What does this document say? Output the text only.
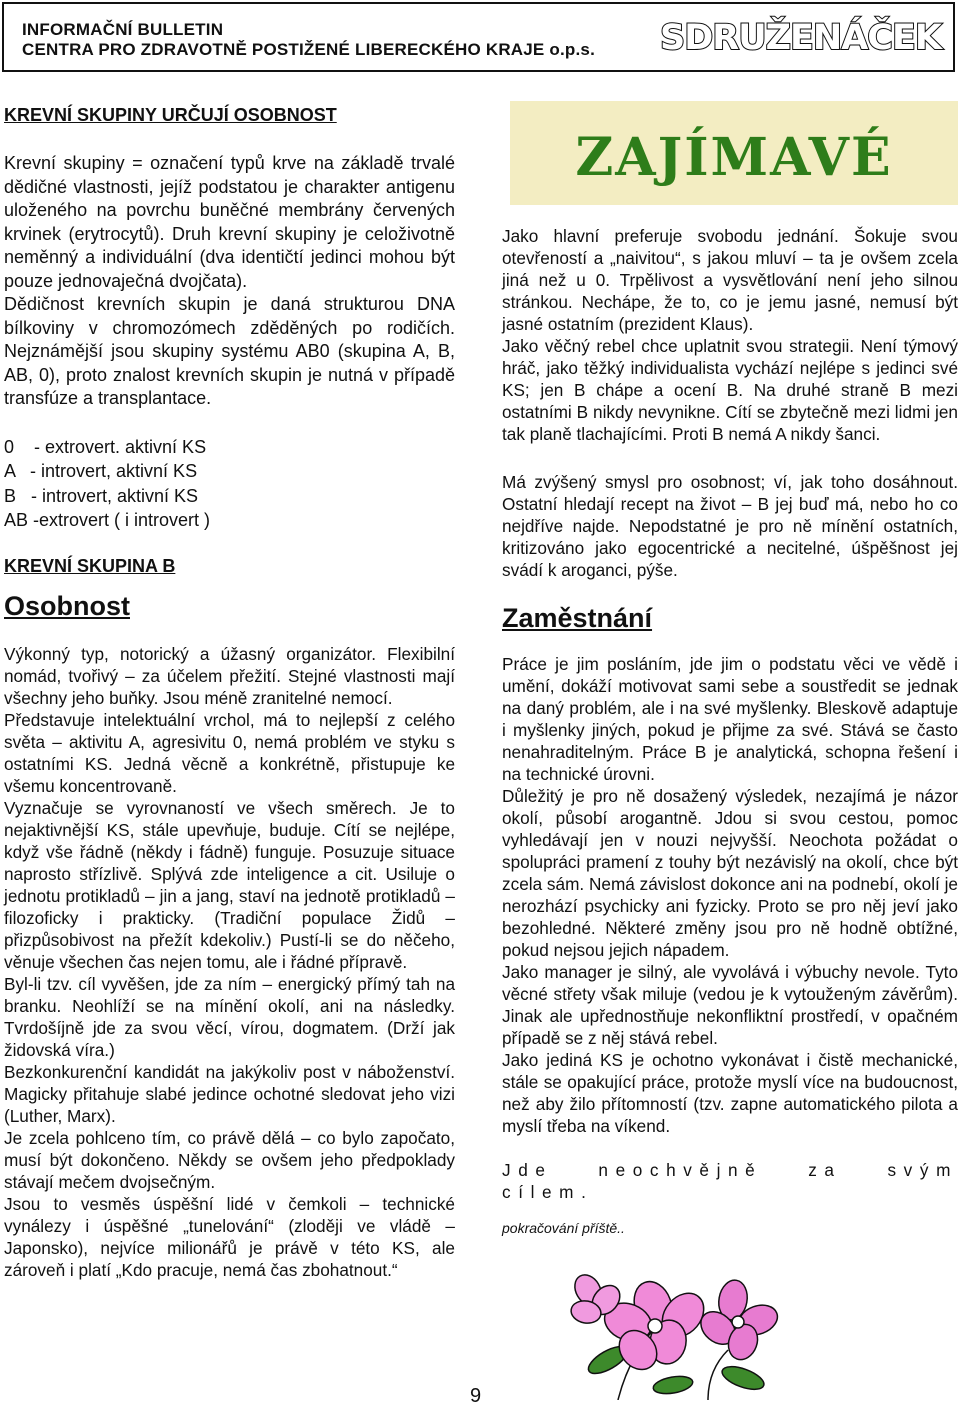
INFORMAČNÍ BULLETIN
CENTRA PRO ZDRAVOTNĚ POSTIŽENÉ LIBERECKÉHO KRAJE o.p.s. SDRUŽENÁČEK

KREVNÍ SKUPINY URČUJÍ OSOBNOST

Krevní skupiny = označení typů krve na základě trvalé dědičné vlastnosti, jejíž podstatou je charakter antigenu uloženého na povrchu buněčné membrány červených krvinek (erytrocytů). Druh krevní skupiny je celoživotně neměnný a individuální (dva identičtí jedinci mohou být pouze jednovaječná dvojčata).

Dědičnost krevních skupin je daná strukturou DNA bílkoviny v chromozómech zděděných po rodičích. Nejznámější jsou skupiny systému AB0 (skupina A, B, AB, 0), proto znalost krevních skupin je nutná v případě transfúze a transplantace.

0    - extrovert. aktivní KS

A   - introvert, aktivní KS

B   - introvert, aktivní KS

AB -extrovert ( i introvert )

KREVNÍ SKUPINA B

Osobnost

Výkonný typ, notorický a úžasný organizátor. Flexibilní nomád, tvořivý – za účelem přežití. Stejné vlastnosti mají všechny jeho buňky. Jsou méně zranitelné nemocí.

Představuje intelektuální vrchol, má to nejlepší z celého světa – aktivitu A, agresivitu 0, nemá problém ve styku s ostatními KS. Jedná věcně a konkrétně, přistupuje ke všemu koncentrovaně.

Vyznačuje se vyrovnaností ve všech směrech. Je to nejaktivnější KS, stále upevňuje, buduje. Cítí se nejlépe, když vše řádně (někdy i fádně) funguje. Posuzuje situace naprosto střízlivě. Splývá zde inteligence a cit. Usiluje o jednotu protikladů – jin a jang, staví na jednotě protikladů – filozoficky i prakticky. (Tradiční populace Židů – přizpůsobivost na přežít kdekoliv.) Pustí-li se do něčeho, věnuje všechen čas nejen tomu, ale i řádné přípravě.

Byl-li tzv. cíl vyvěšen, jde za ním – energický přímý tah na branku. Neohlíží se na mínění okolí, ani na následky. Tvrdošíjně jde za svou věcí, vírou, dogmatem. (Drží jak židovská víra.)

Bezkonkurenční kandidát na jakýkoliv post v náboženství. Magicky přitahuje slabé jedince ochotné sledovat jeho vizi (Luther, Marx).

Je zcela pohlceno tím, co právě dělá – co bylo započato, musí být dokončeno. Někdy se ovšem jeho předpoklady stávají mečem dvojsečným.

Jsou to vesměs úspěšní lidé v čemkoli – technické vynálezy i úspěšné „tunelování“ (zloději ve vládě – Japonsko), nejvíce milionářů je právě v této KS, ale zároveň i platí „Kdo pracuje, nemá čas zbohatnout.“

ZAJÍMAVÉ

Jako hlavní preferuje svobodu jednání. Šokuje svou otevřeností a „naivitou“, s jakou mluví – ta je ovšem zcela jiná než u 0. Trpělivost a vysvětlování není jeho silnou stránkou. Nechápe, že to, co je jemu jasné, nemusí být jasné ostatním (prezident Klaus).

Jako věčný rebel chce uplatnit svou strategii. Není týmový hráč, jako těžký individualista vychází nejlépe s jedinci své KS; jen B chápe a ocení B. Na druhé straně B mezi ostatními B nikdy nevynikne. Cítí se zbytečně mezi lidmi jen tak planě tlachajícími. Proti B nemá A nikdy šanci.

Má zvýšený smysl pro osobnost; ví, jak toho dosáhnout. Ostatní hledají recept na život – B jej buď má, nebo ho co nejdříve najde. Nepodstatné je pro ně mínění ostatních, kritizováno jako egocentrické a necitelné, úšpěšnost jej svádí k aroganci, pýše.

Zaměstnání

Práce je jim posláním, jde jim o podstatu věci ve vědě i umění, dokáží motivovat sami sebe a soustředit se jednak na daný problém, ale i na své myšlenky. Bleskově adaptuje i myšlenky jiných, pokud je přijme za své. Stává se často nenahraditelným. Práce B je analytická, schopna řešení i na technické úrovni.

Důležitý je pro ně dosažený výsledek, nezajímá je názor okolí, působí arogantně. Jdou si svou cestou, pomoc vyhledávají jen v nouzi nejvyšší. Neochota požádat o spolupráci pramení z touhy být nezávislý na okolí, chce být zcela sám. Nemá závislost dokonce ani na podnebí, okolí je nerozhází psychicky ani fyzicky. Proto se pro něj jeví jako bezohledné. Některé změny jsou pro ně hodně obtížné, pokud nejsou jejich nápadem.

Jako manager je silný, ale vyvolává i výbuchy nevole. Tyto věcné střety však miluje (vedou je k vytouženým závěrům). Jinak ale upřednostňuje nekonfliktní prostředí, v opačném případě se z něj stává rebel.

Jako jediná KS je ochotno vykonávat i čistě mechanické, stále se opakující práce, protože myslí více na budoucnost, než aby žilo přítomností (tzv. zapne automatického pilota a myslí třeba na víkend.

Jde neochvějně za svým cílem.

pokračování příště..

9
